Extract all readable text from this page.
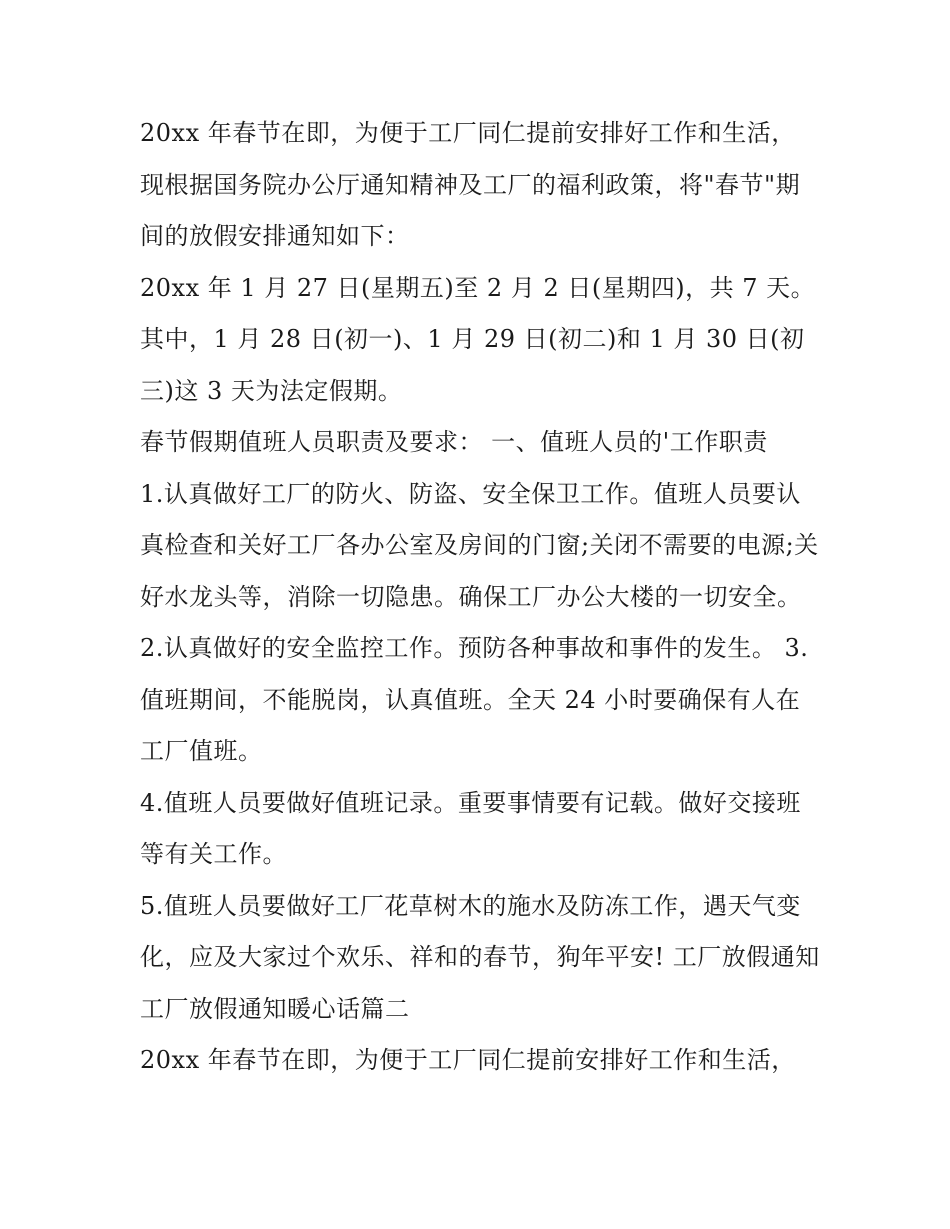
20xx 年春节在即，为便于工厂同仁提前安排好工作和生活，现根据国务院办公厅通知精神及工厂的福利政策，将"春节"期间的放假安排通知如下：

20xx 年 1 月 27 日(星期五)至 2 月 2 日(星期四)，共 7 天。其中，1 月 28 日(初一)、1 月 29 日(初二)和 1 月 30 日(初三)这 3 天为法定假期。

春节假期值班人员职责及要求： 一、值班人员的'工作职责

1.认真做好工厂的防火、防盗、安全保卫工作。值班人员要认真检查和关好工厂各办公室及房间的门窗;关闭不需要的电源;关好水龙头等，消除一切隐患。确保工厂办公大楼的一切安全。

2.认真做好的安全监控工作。预防各种事故和事件的发生。 3.值班期间，不能脱岗，认真值班。全天 24 小时要确保有人在工厂值班。

4.值班人员要做好值班记录。重要事情要有记载。做好交接班等有关工作。

5.值班人员要做好工厂花草树木的施水及防冻工作，遇天气变化，应及大家过个欢乐、祥和的春节，狗年平安! 工厂放假通知 工厂放假通知暖心话篇二

20xx 年春节在即，为便于工厂同仁提前安排好工作和生活，
